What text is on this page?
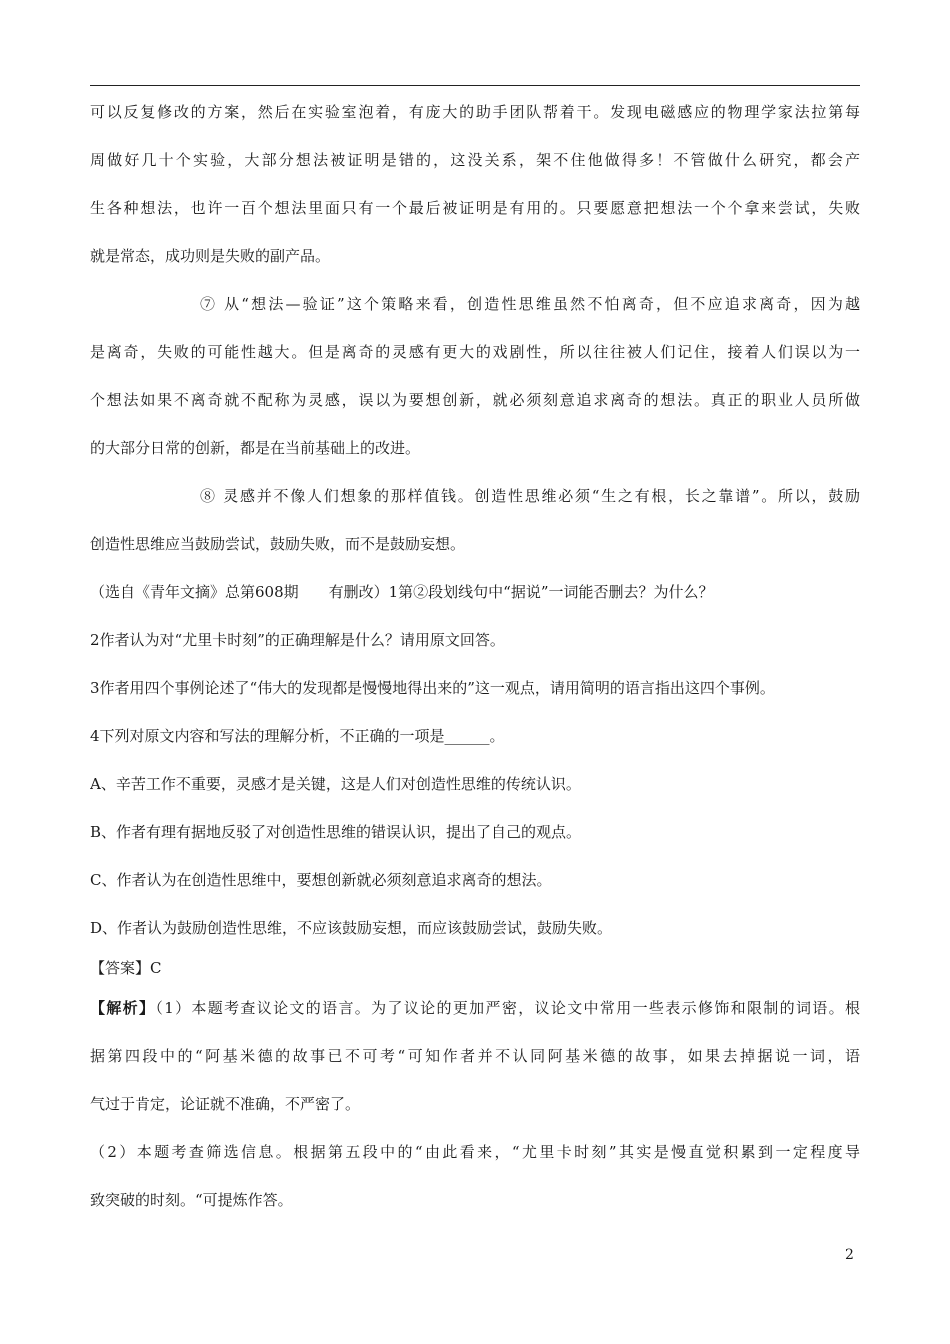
可以反复修改的方案，然后在实验室泡着，有庞大的助手团队帮着干。发现电磁感应的物理学家法拉第每

周做好几十个实验，大部分想法被证明是错的，这没关系，架不住他做得多！不管做什么研究，都会产

生各种想法，也许一百个想法里面只有一个最后被证明是有用的。只要愿意把想法一个个拿来尝试，失败

就是常态，成功则是失败的副产品。

⑦ 从“想法—验证”这个策略来看，创造性思维虽然不怕离奇，但不应追求离奇，因为越

是离奇，失败的可能性越大。但是离奇的灵感有更大的戏剧性，所以往往被人们记住，接着人们误以为一

个想法如果不离奇就不配称为灵感，误以为要想创新，就必须刻意追求离奇的想法。真正的职业人员所做

的大部分日常的创新，都是在当前基础上的改进。

⑧ 灵感并不像人们想象的那样值钱。创造性思维必须“生之有根，长之靠谱”。所以，鼓励

创造性思维应当鼓励尝试，鼓励失败，而不是鼓励妄想。

（选自《青年文摘》总第608期　　有删改）1第②段划线句中“据说”一词能否删去？为什么？

2作者认为对“尤里卡时刻”的正确理解是什么？请用原文回答。

3作者用四个事例论述了“伟大的发现都是慢慢地得出来的”这一观点，请用简明的语言指出这四个事例。

4下列对原文内容和写法的理解分析，不正确的一项是______。

A、辛苦工作不重要，灵感才是关键，这是人们对创造性思维的传统认识。

B、作者有理有据地反驳了对创造性思维的错误认识，提出了自己的观点。

C、作者认为在创造性思维中，要想创新就必须刻意追求离奇的想法。

D、作者认为鼓励创造性思维，不应该鼓励妄想，而应该鼓励尝试，鼓励失败。

【答案】C

【解析】（1）本题考查议论文的语言。为了议论的更加严密，议论文中常用一些表示修饰和限制的词语。根

据第四段中的“阿基米德的故事已不可考“可知作者并不认同阿基米德的故事，如果去掉据说一词，语

气过于肯定，论证就不准确，不严密了。

（2）本题考查筛选信息。根据第五段中的“由此看来，“尤里卡时刻”其实是慢直觉积累到一定程度导

致突破的时刻。“可提炼作答。

2
